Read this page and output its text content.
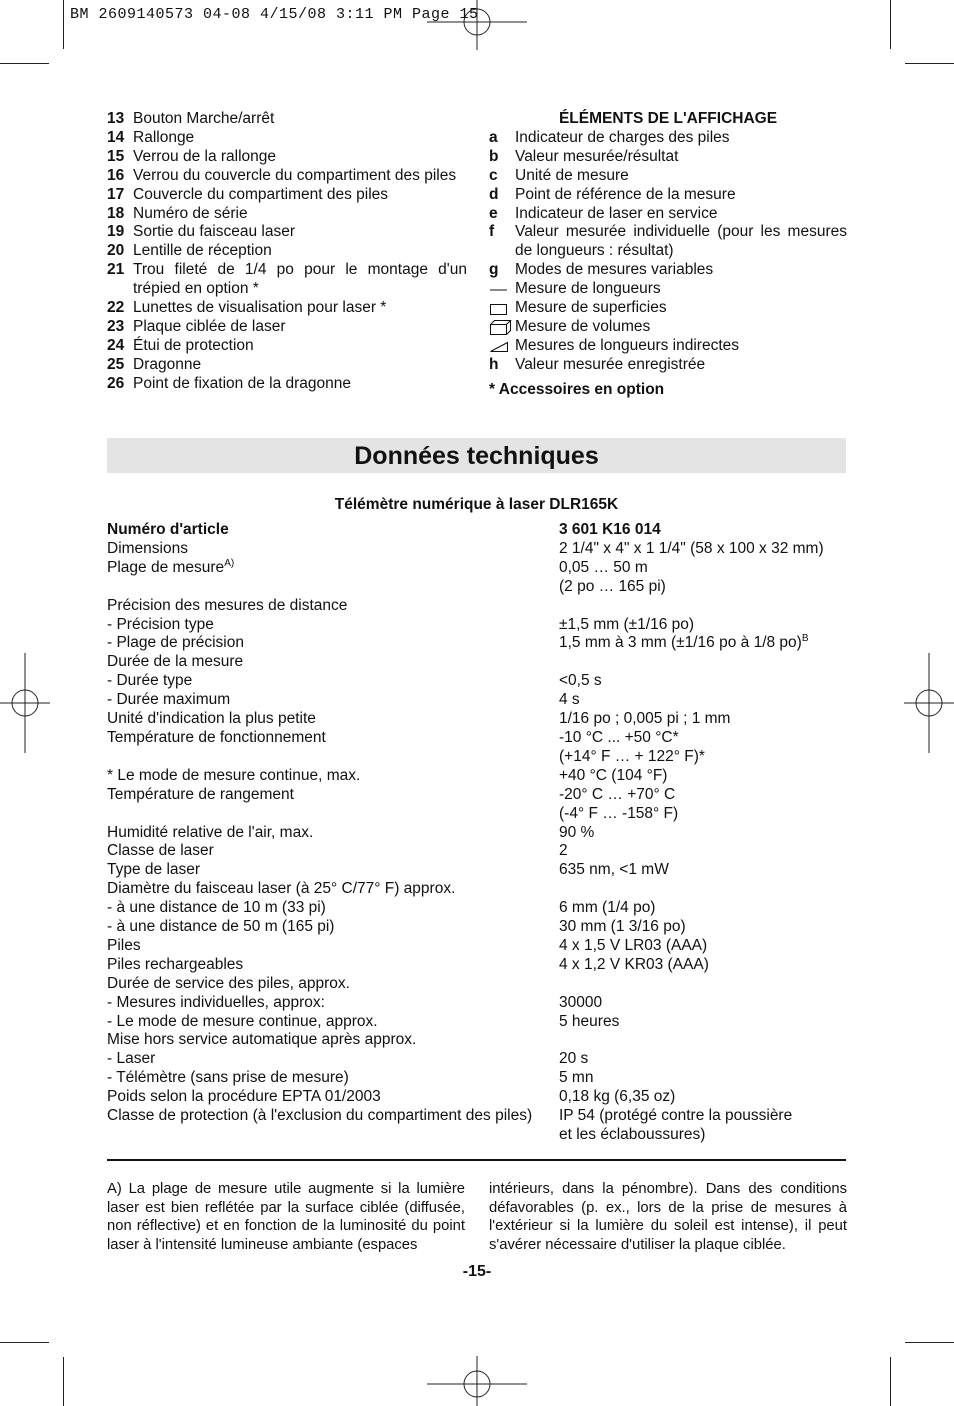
BM 2609140573 04-08 4/15/08 3:11 PM Page 15
13 Bouton Marche/arrêt
14 Rallonge
15 Verrou de la rallonge
16 Verrou du couvercle du compartiment des piles
17 Couvercle du compartiment des piles
18 Numéro de série
19 Sortie du faisceau laser
20 Lentille de réception
21 Trou fileté de 1/4 po pour le montage d'un trépied en option *
22 Lunettes de visualisation pour laser *
23 Plaque ciblée de laser
24 Étui de protection
25 Dragonne
26 Point de fixation de la dragonne
ÉLÉMENTS DE L'AFFICHAGE
a	Indicateur de charges des piles
b	Valeur mesurée/résultat
c	Unité de mesure
d	Point de référence de la mesure
e	Indicateur de laser en service
f	Valeur mesurée individuelle (pour les mesures de longueurs : résultat)
g	Modes de mesures variables
Mesure de longueurs
Mesure de superficies
Mesure de volumes
Mesures de longueurs indirectes
h	Valeur mesurée enregistrée
* Accessoires en option
Données techniques
Télémètre numérique à laser DLR165K
Numéro d'article	3 601 K16 014
Dimensions	2 1/4" x 4" x 1 1/4" (58 x 100 x 32 mm)
Plage de mesure$^{A)}$	0,05 … 50 m
(2 po … 165 pi)
Précision des mesures de distance
- Précision type	±1,5 mm (±1/16 po)
- Plage de précision	1,5 mm à 3 mm (±1/16 po à 1/8 po)$^B$
Durée de la mesure
- Durée type	<0,5 s
- Durée maximum	4 s
Unité d'indication la plus petite	1/16 po ; 0,005 pi ; 1 mm
Température de fonctionnement	-10 °C ... +50 °C*
(+14° F … + 122° F)*
* Le mode de mesure continue, max.	+40 °C (104 °F)
Température de rangement	-20° C … +70° C
(-4° F … -158° F)
Humidité relative de l'air, max.	90 %
Classe de laser	2
Type de laser	635 nm, <1 mW
Diamètre du faisceau laser (à 25° C/77° F) approx.
- à une distance de 10 m (33 pi)	6 mm (1/4 po)
- à une distance de 50 m (165 pi)	30 mm (1 3/16 po)
Piles	4 x 1,5 V LR03 (AAA)
Piles rechargeables	4 x 1,2 V KR03 (AAA)
Durée de service des piles, approx.
- Mesures individuelles, approx:	30000
- Le mode de mesure continue, approx.	5 heures
Mise hors service automatique après approx.
- Laser	20 s
- Télémètre (sans prise de mesure)	5 mn
Poids selon la procédure EPTA 01/2003	0,18 kg (6,35 oz)
Classe de protection (à l'exclusion du compartiment des piles)	IP 54 (protégé contre la poussière
et les éclaboussures)
A) La plage de mesure utile augmente si la lumière laser est bien reflétée par la surface ciblée (diffusée, non réflective) et en fonction de la luminosité du point laser à l'intensité lumineuse ambiante (espaces
intérieurs, dans la pénombre). Dans des conditions défavorables (p. ex., lors de la prise de mesures à l'extérieur si la lumière du soleil est intense), il peut s'avérer nécessaire d'utiliser la plaque ciblée.
-15-
